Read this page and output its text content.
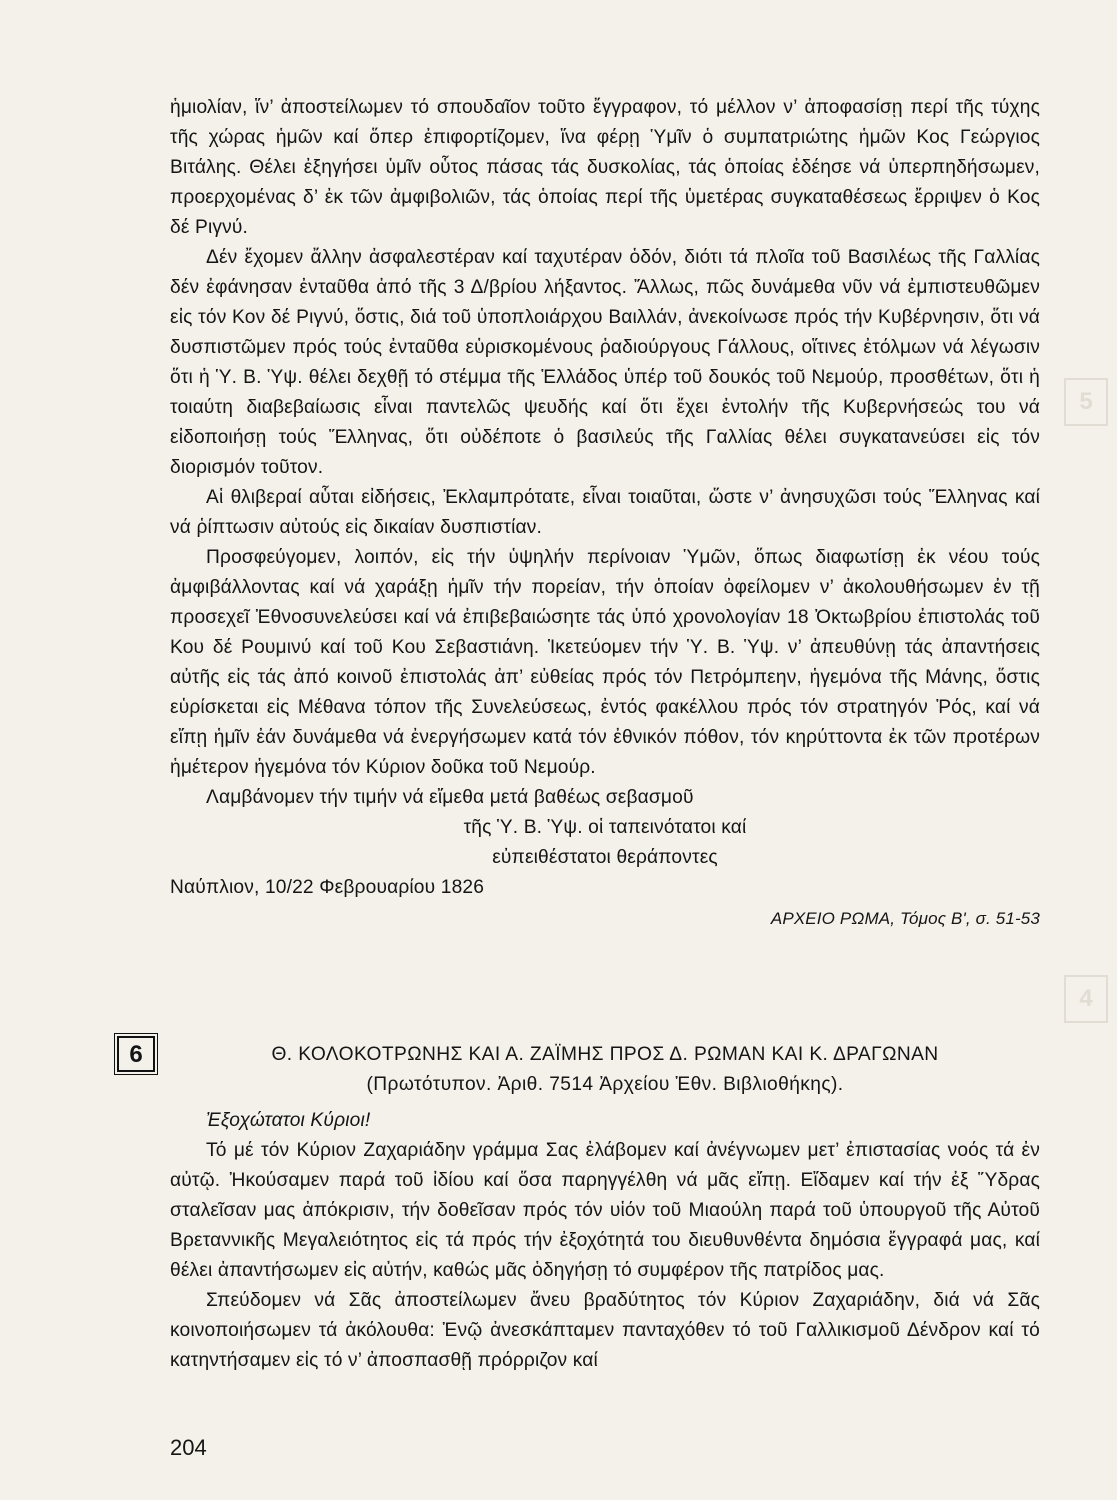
5
4

ἡμιολίαν, ἵν’ ἀποστείλωμεν τό σπουδαῖον τοῦτο ἔγγραφον, τό μέλλον ν’ ἀποφασίσῃ περί τῆς τύχης τῆς χώρας ἡμῶν καί ὅπερ ἐπιφορτίζομεν, ἵνα φέρῃ Ὑμῖν ὁ συμπατριώτης ἡμῶν Κος Γεώργιος Βιτάλης. Θέλει ἐξηγήσει ὑμῖν οὗτος πάσας τάς δυσκολίας, τάς ὁποίας ἐδέησε νά ὑπερπηδήσωμεν, προερχομένας δ’ ἐκ τῶν ἀμφιβολιῶν, τάς ὁποίας περί τῆς ὑμετέρας συγκαταθέσεως ἔρριψεν ὁ Κος δέ Ριγνύ.

Δέν ἔχομεν ἄλλην ἀσφαλεστέραν καί ταχυτέραν ὁδόν, διότι τά πλοῖα τοῦ Βασιλέως τῆς Γαλλίας δέν ἐφάνησαν ἐνταῦθα ἀπό τῆς 3 Δ/βρίου λήξαντος. Ἄλλως, πῶς δυνάμεθα νῦν νά ἐμπιστευθῶμεν εἰς τόν Κον δέ Ριγνύ, ὅστις, διά τοῦ ὑποπλοιάρχου Βαιλλάν, ἀνεκοίνωσε πρός τήν Κυβέρνησιν, ὅτι νά δυσπιστῶμεν πρός τούς ἐνταῦθα εὑρισκομένους ῥαδιούργους Γάλλους, οἵτινες ἐτόλμων νά λέγωσιν ὅτι ἡ Ὑ. Β. Ὑψ. θέλει δεχθῇ τό στέμμα τῆς Ἑλλάδος ὑπέρ τοῦ δουκός τοῦ Νεμούρ, προσθέτων, ὅτι ἡ τοιαύτη διαβεβαίωσις εἶναι παντελῶς ψευδής καί ὅτι ἔχει ἐντολήν τῆς Κυβερνήσεώς του νά εἰδοποιήσῃ τούς Ἕλληνας, ὅτι οὐδέποτε ὁ βασιλεύς τῆς Γαλλίας θέλει συγκατανεύσει εἰς τόν διορισμόν τοῦτον.

Αἱ θλιβεραί αὗται εἰδήσεις, Ἐκλαμπρότατε, εἶναι τοιαῦται, ὥστε ν’ ἀνησυχῶσι τούς Ἕλληνας καί νά ῥίπτωσιν αὐτούς εἰς δικαίαν δυσπιστίαν.

Προσφεύγομεν, λοιπόν, εἰς τήν ὑψηλήν περίνοιαν Ὑμῶν, ὅπως διαφωτίσῃ ἐκ νέου τούς ἀμφιβάλλοντας καί νά χαράξῃ ἡμῖν τήν πορείαν, τήν ὁποίαν ὀφείλομεν ν’ ἀκολουθήσωμεν ἐν τῇ προσεχεῖ Ἐθνοσυνελεύσει καί νά ἐπιβεβαιώσητε τάς ὑπό χρονολογίαν 18 Ὀκτωβρίου ἐπιστολάς τοῦ Κου δέ Ρουμινύ καί τοῦ Κου Σεβαστιάνη. Ἱκετεύομεν τήν Ὑ. Β. Ὑψ. ν’ ἀπευθύνῃ τάς ἀπαντήσεις αὐτῆς εἰς τάς ἀπό κοινοῦ ἐπιστολάς ἀπ’ εὐθείας πρός τόν Πετρόμπεην, ἡγεμόνα τῆς Μάνης, ὅστις εὑρίσκεται εἰς Μέθανα τόπον τῆς Συνελεύσεως, ἐντός φακέλλου πρός τόν στρατηγόν Ῥός, καί νά εἴπῃ ἡμῖν ἐάν δυνάμεθα νά ἐνεργήσωμεν κατά τόν ἐθνικόν πόθον, τόν κηρύττοντα ἐκ τῶν προτέρων ἡμέτερον ἡγεμόνα τόν Κύριον δοῦκα τοῦ Νεμούρ.

Λαμβάνομεν τήν τιμήν νά εἴμεθα μετά βαθέως σεβασμοῦ

τῆς Ὑ. Β. Ὑψ. οἱ ταπεινότατοι καί

εὐπειθέστατοι θεράποντες

Ναύπλιον, 10/22 Φεβρουαρίου 1826

ΑΡΧΕΙΟ ΡΩΜΑ, Τόμος Β', σ. 51-53

6	Θ. ΚΟΛΟΚΟΤΡΩΝΗΣ ΚΑΙ Α. ΖΑΪΜΗΣ ΠΡΟΣ Δ. ΡΩΜΑΝ ΚΑΙ Κ. ΔΡΑΓΩΝΑΝ

(Πρωτότυπον. Ἀριθ. 7514 Ἀρχείου Ἐθν. Βιβλιοθήκης).

Ἐξοχώτατοι Κύριοι!

Τό μέ τόν Κύριον Ζαχαριάδην γράμμα Σας ἐλάβομεν καί ἀνέγνωμεν μετ’ ἐπιστασίας νοός τά ἐν αὐτῷ. Ἠκούσαμεν παρά τοῦ ἰδίου καί ὅσα παρηγγέλθη νά μᾶς εἴπῃ. Εἴδαμεν καί τήν ἐξ Ὕδρας σταλεῖσαν μας ἀπόκρισιν, τήν δοθεῖσαν πρός τόν υἱόν τοῦ Μιαούλη παρά τοῦ ὑπουργοῦ τῆς Αὐτοῦ Βρεταννικῆς Μεγαλειότητος εἰς τά πρός τήν ἐξοχότητά του διευθυνθέντα δημόσια ἔγγραφά μας, καί θέλει ἀπαντήσωμεν εἰς αὐτήν, καθώς μᾶς ὁδηγήσῃ τό συμφέρον τῆς πατρίδος μας.

Σπεύδομεν νά Σᾶς ἀποστείλωμεν ἄνευ βραδύτητος τόν Κύριον Ζαχαριάδην, διά νά Σᾶς κοινοποιήσωμεν τά ἀκόλουθα: Ἐνῷ ἀνεσκάπταμεν πανταχόθεν τό τοῦ Γαλλικισμοῦ Δένδρον καί τό κατηντήσαμεν εἰς τό ν’ ἀποσπασθῇ πρόρριζον καί

204
